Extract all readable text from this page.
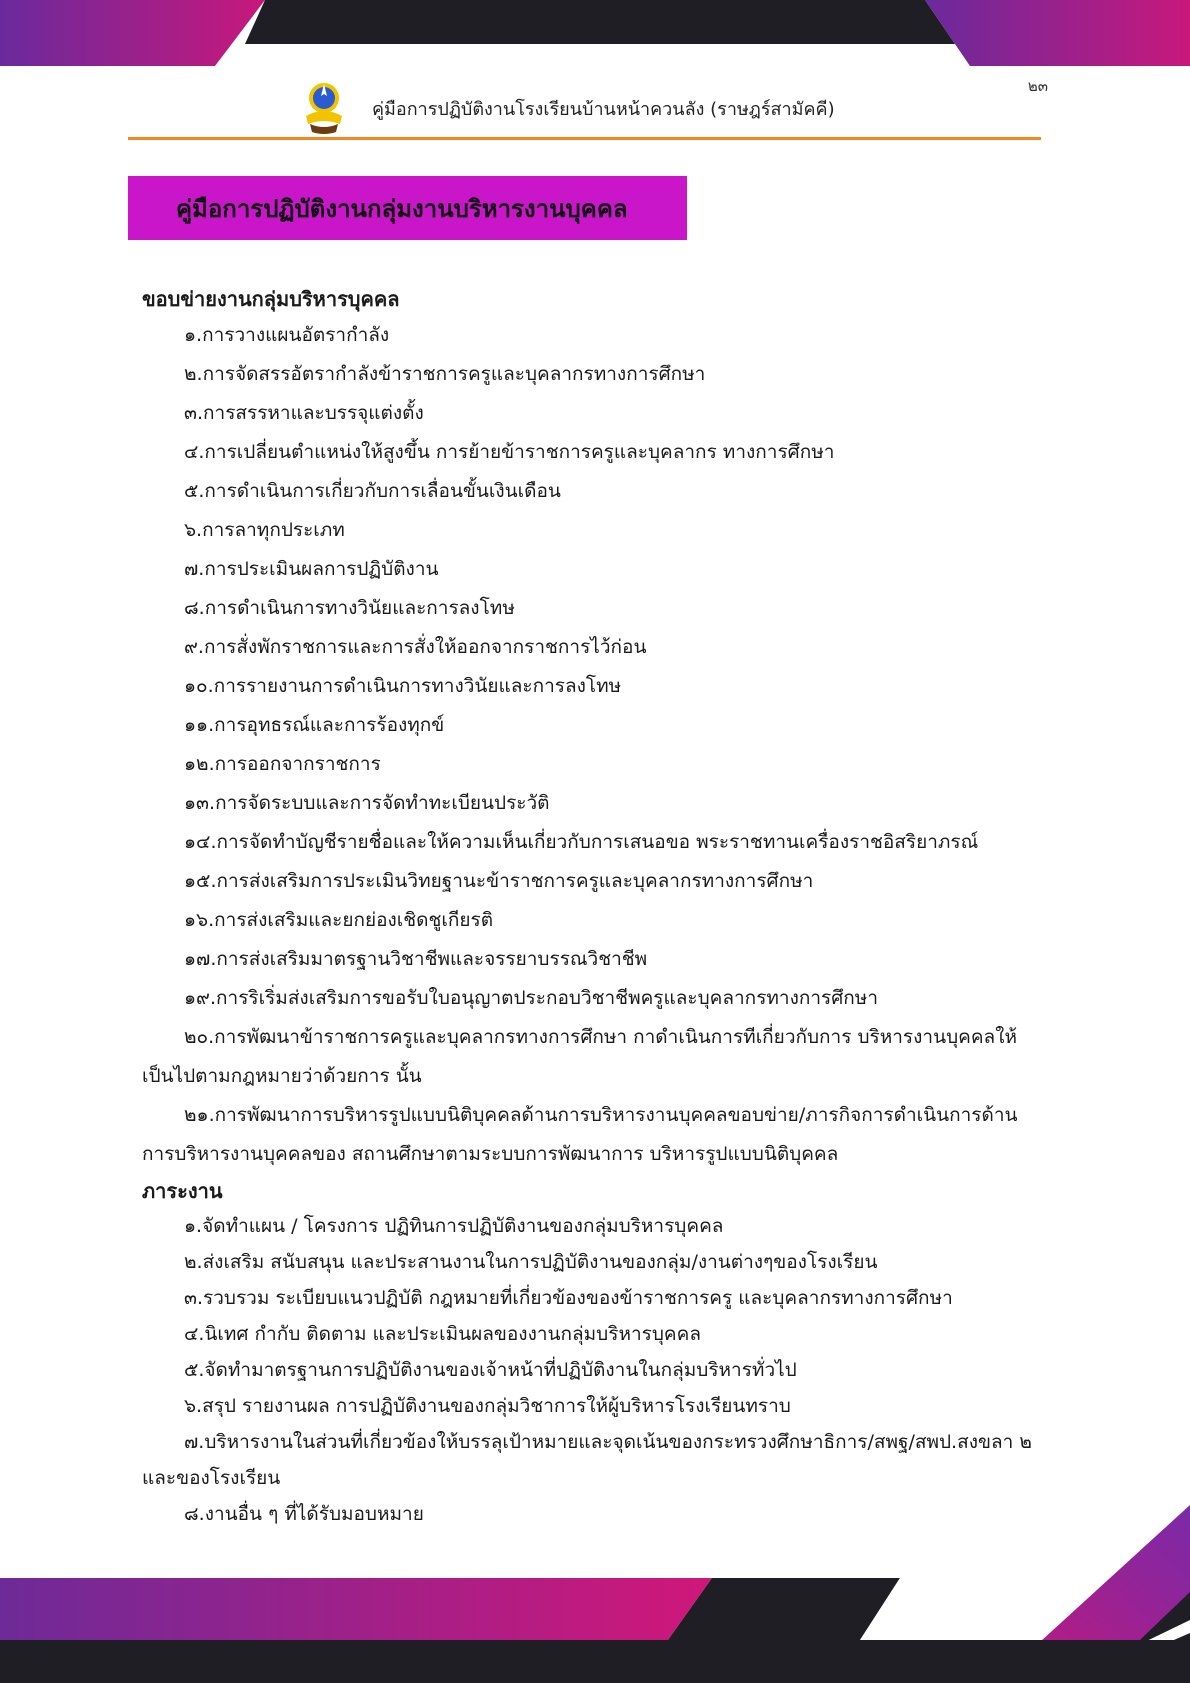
๒๓
คู่มือการปฏิบัติงานโรงเรียนบ้านหน้าควนลัง (ราษฎร์สามัคคี)
คู่มือการปฏิบัติงานกลุ่มงานบริหารงานบุคคล
ขอบข่ายงานกลุ่มบริหารบุคคล
๑.การวางแผนอัตรากำลัง
๒.การจัดสรรอัตรากำลังข้าราชการครูและบุคลากรทางการศึกษา
๓.การสรรหาและบรรจุแต่งตั้ง
๔.การเปลี่ยนตำแหน่งให้สูงขึ้น การย้ายข้าราชการครูและบุคลากร ทางการศึกษา
๕.การดำเนินการเกี่ยวกับการเลื่อนขั้นเงินเดือน
๖.การลาทุกประเภท
๗.การประเมินผลการปฏิบัติงาน
๘.การดำเนินการทางวินัยและการลงโทษ
๙.การสั่งพักราชการและการสั่งให้ออกจากราชการไว้ก่อน
๑๐.การรายงานการดำเนินการทางวินัยและการลงโทษ
๑๑.การอุทธรณ์และการร้องทุกข์
๑๒.การออกจากราชการ
๑๓.การจัดระบบและการจัดทำทะเบียนประวัติ
๑๔.การจัดทำบัญชีรายชื่อและให้ความเห็นเกี่ยวกับการเสนอขอ พระราชทานเครื่องราชอิสริยาภรณ์
๑๕.การส่งเสริมการประเมินวิทยฐานะข้าราชการครูและบุคลากรทางการศึกษา
๑๖.การส่งเสริมและยกย่องเชิดชูเกียรติ
๑๗.การส่งเสริมมาตรฐานวิชาชีพและจรรยาบรรณวิชาชีพ
๑๙.การริเริ่มส่งเสริมการขอรับใบอนุญาตประกอบวิชาชีพครูและบุคลากรทางการศึกษา
๒๐.การพัฒนาข้าราชการครูและบุคลากรทางการศึกษา กาดำเนินการทีเกี่ยวกับการ บริหารงานบุคคลให้เป็นไปตามกฎหมายว่าด้วยการ นั้น
๒๑.การพัฒนาการบริหารรูปแบบนิติบุคคลด้านการบริหารงานบุคคลขอบข่าย/ภารกิจการดำเนินการด้านการบริหารงานบุคคลของ สถานศึกษาตามระบบการพัฒนาการ บริหารรูปแบบนิติบุคคล
ภาระงาน
๑.จัดทำแผน / โครงการ ปฏิทินการปฏิบัติงานของกลุ่มบริหารบุคคล
๒.ส่งเสริม สนับสนุน และประสานงานในการปฏิบัติงานของกลุ่ม/งานต่างๆของโรงเรียน
๓.รวบรวม ระเบียบแนวปฏิบัติ กฎหมายที่เกี่ยวข้องของข้าราชการครู และบุคลากรทางการศึกษา
๔.นิเทศ กำกับ ติดตาม และประเมินผลของงานกลุ่มบริหารบุคคล
๕.จัดทำมาตรฐานการปฏิบัติงานของเจ้าหน้าที่ปฏิบัติงานในกลุ่มบริหารทั่วไป
๖.สรุป รายงานผล การปฏิบัติงานของกลุ่มวิชาการให้ผู้บริหารโรงเรียนทราบ
๗.บริหารงานในส่วนที่เกี่ยวข้องให้บรรลุเป้าหมายและจุดเน้นของกระทรวงศึกษาธิการ/สพฐ/สพป.สงขลา ๒ และของโรงเรียน
๘.งานอื่น ๆ ที่ได้รับมอบหมาย
